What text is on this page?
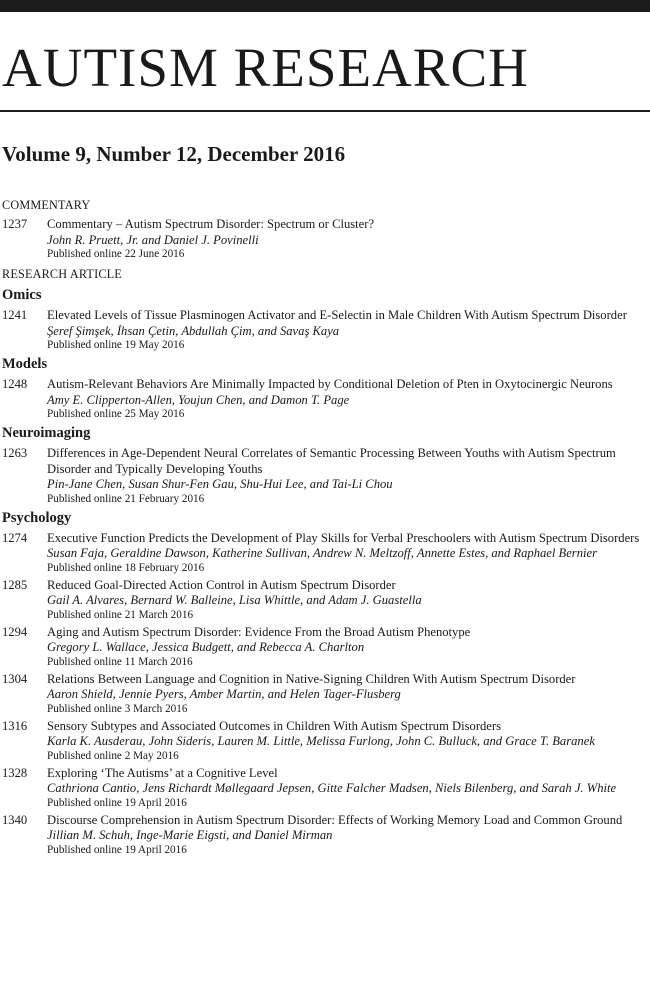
AUTISM RESEARCH
Volume 9, Number 12, December 2016
COMMENTARY
1237	Commentary – Autism Spectrum Disorder: Spectrum or Cluster?
John R. Pruett, Jr. and Daniel J. Povinelli
Published online 22 June 2016
RESEARCH ARTICLE
Omics
1241	Elevated Levels of Tissue Plasminogen Activator and E-Selectin in Male Children With Autism Spectrum Disorder
Şeref Şimşek, İhsan Çetin, Abdullah Çim, and Savaş Kaya
Published online 19 May 2016
Models
1248	Autism-Relevant Behaviors Are Minimally Impacted by Conditional Deletion of Pten in Oxytocinergic Neurons
Amy E. Clipperton-Allen, Youjun Chen, and Damon T. Page
Published online 25 May 2016
Neuroimaging
1263	Differences in Age-Dependent Neural Correlates of Semantic Processing Between Youths with Autism Spectrum Disorder and Typically Developing Youths
Pin-Jane Chen, Susan Shur-Fen Gau, Shu-Hui Lee, and Tai-Li Chou
Published online 21 February 2016
Psychology
1274	Executive Function Predicts the Development of Play Skills for Verbal Preschoolers with Autism Spectrum Disorders
Susan Faja, Geraldine Dawson, Katherine Sullivan, Andrew N. Meltzoff, Annette Estes, and Raphael Bernier
Published online 18 February 2016
1285	Reduced Goal-Directed Action Control in Autism Spectrum Disorder
Gail A. Alvares, Bernard W. Balleine, Lisa Whittle, and Adam J. Guastella
Published online 21 March 2016
1294	Aging and Autism Spectrum Disorder: Evidence From the Broad Autism Phenotype
Gregory L. Wallace, Jessica Budgett, and Rebecca A. Charlton
Published online 11 March 2016
1304	Relations Between Language and Cognition in Native-Signing Children With Autism Spectrum Disorder
Aaron Shield, Jennie Pyers, Amber Martin, and Helen Tager-Flusberg
Published online 3 March 2016
1316	Sensory Subtypes and Associated Outcomes in Children With Autism Spectrum Disorders
Karla K. Ausderau, John Sideris, Lauren M. Little, Melissa Furlong, John C. Bulluck, and Grace T. Baranek
Published online 2 May 2016
1328	Exploring ‘The Autisms’ at a Cognitive Level
Cathriona Cantio, Jens Richardt Møllegaard Jepsen, Gitte Falcher Madsen, Niels Bilenberg, and Sarah J. White
Published online 19 April 2016
1340	Discourse Comprehension in Autism Spectrum Disorder: Effects of Working Memory Load and Common Ground
Jillian M. Schuh, Inge-Marie Eigsti, and Daniel Mirman
Published online 19 April 2016
